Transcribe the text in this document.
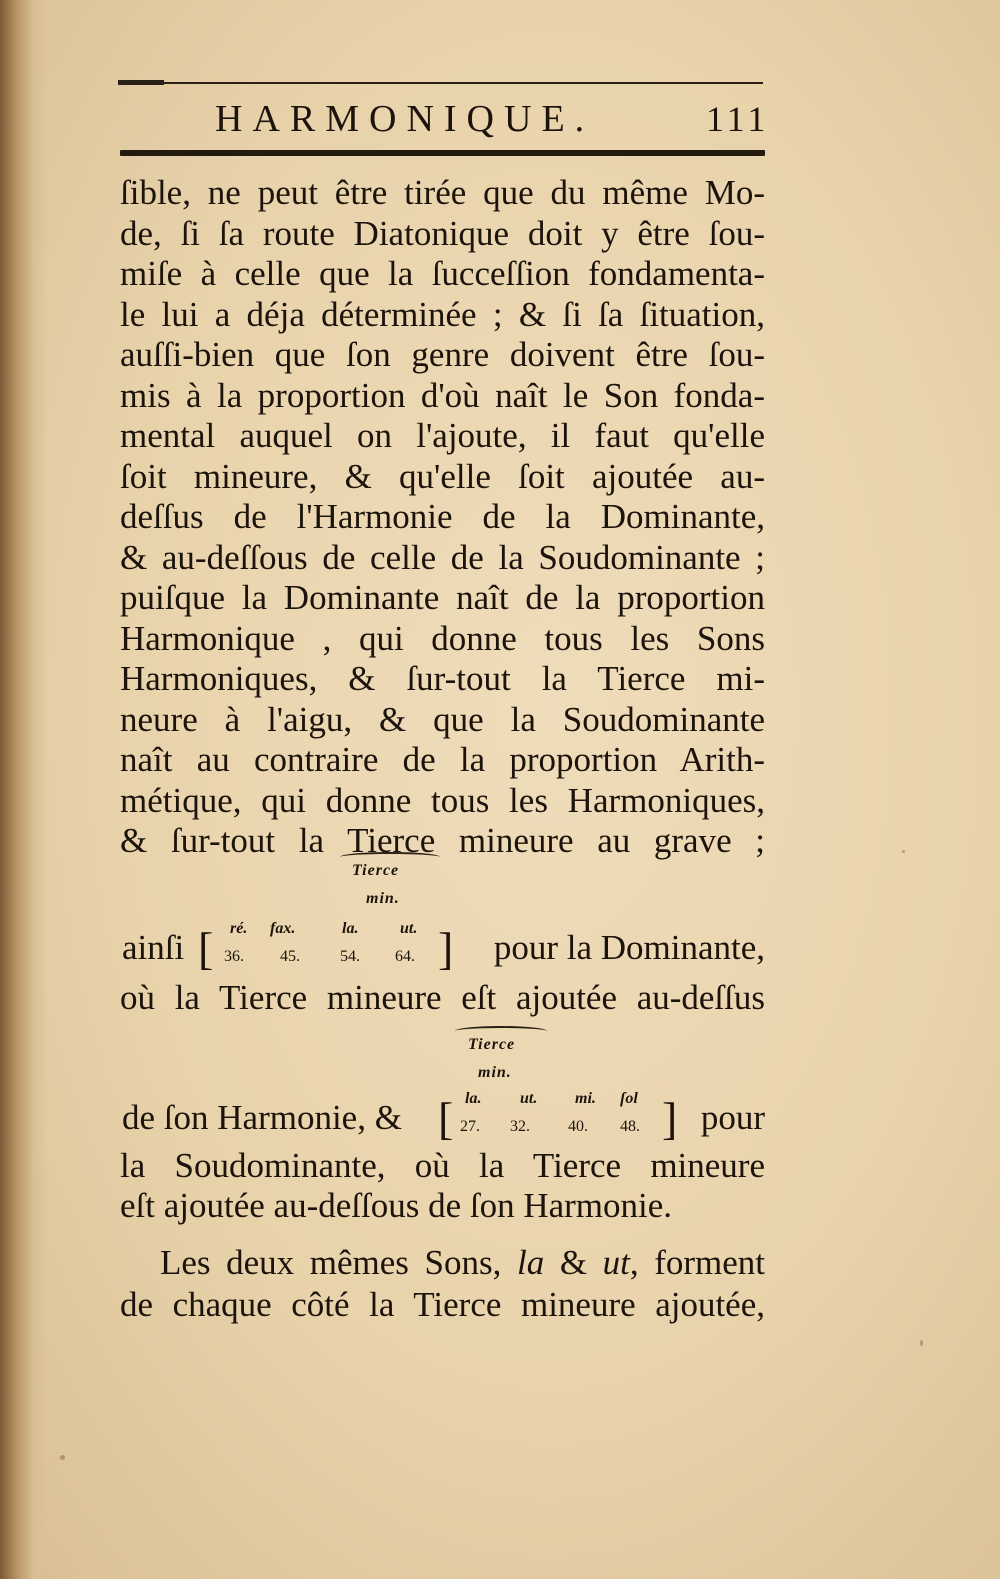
HARMONIQUE.	111
ſible, ne peut être tirée que du même Mo-
de, ſi ſa route Diatonique doit y être ſou-
miſe à celle que la ſucceſſion fondamenta-
le lui a déja déterminée ; & ſi ſa ſituation,
auſſi-bien que ſon genre doivent être ſou-
mis à la proportion d'où naît le Son fonda-
mental auquel on l'ajoute, il faut qu'elle
ſoit mineure, & qu'elle ſoit ajoutée au-
deſſus de l'Harmonie de la Dominante,
& au-deſſous de celle de la Soudominante ;
puiſque la Dominante naît de la proportion
Harmonique , qui donne tous les Sons
Harmoniques, & ſur-tout la Tierce mi-
neure à l'aigu, & que la Soudominante
naît au contraire de la proportion Arith-
métique, qui donne tous les Harmoniques,
& ſur-tout la Tierce mineure au grave ;
Tierce
min.
ainſi [ ré. fax.	la.	ut.
36. 45.	54. 64. ]	pour la Dominante,
où la Tierce mineure eſt ajoutée au-deſſus
Tierce
min.
de ſon Harmonie, & [ la. ut. mi. ſol
27. 32. 40. 48. ] pour
la Soudominante, où la Tierce mineure
eſt ajoutée au-deſſous de ſon Harmonie.
Les deux mêmes Sons, la & ut, forment
de chaque côté la Tierce mineure ajoutée,
